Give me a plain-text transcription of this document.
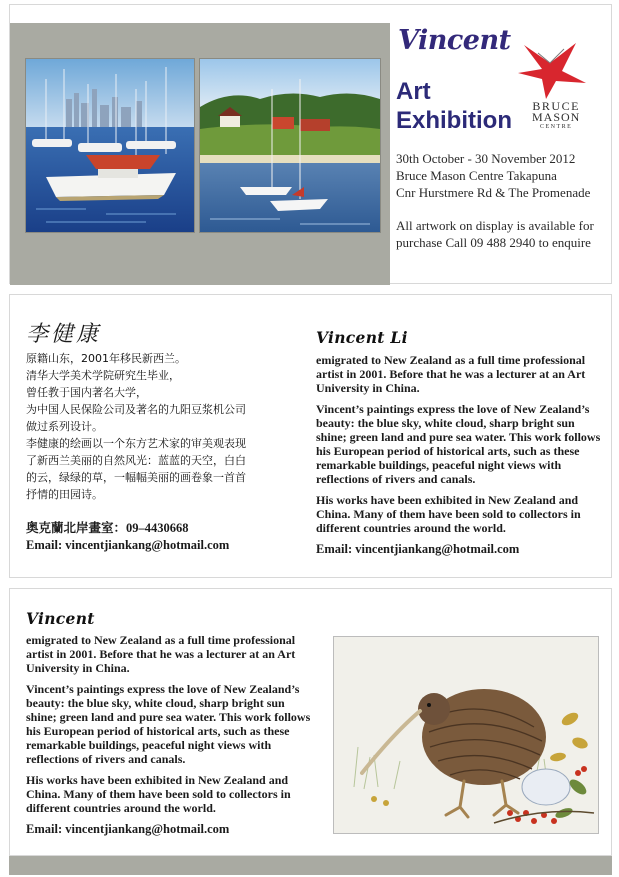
Vincent
Art
Exhibition
BRUCE
MASON
CENTRE

30th October - 30 November 2012

Bruce Mason Centre Takapuna

Cnr Hurstmere Rd & The Promenade

All artwork on display is available for purchase Call 09 488 2940 to enquire

李健康

原籍山东，2001年移民新西兰。

清华大学美术学院研究生毕业，

曾任教于国内著名大学，

为中国人民保险公司及著名的九阳豆浆机公司

做过系列设计。

李健康的绘画以一个东方艺术家的审美观表现

了新西兰美丽的自然风光：蓝蓝的天空，白白

的云，绿绿的草，一幅幅美丽的画卷象一首首

抒情的田园诗。

奥克蘭北岸畫室：09–4430668

Email: vincentjiankang@hotmail.com

Vincent Li

emigrated to New Zealand as a full time professional artist in 2001. Before that he was a lecturer at an Art University in China.

Vincent’s paintings express the love of New Zealand’s beauty: the blue sky, white cloud, sharp bright sun shine; green land and pure sea water. This work follows his European period of historical arts, such as these remarkable buildings, peaceful night views with reflections of rivers and canals.

His works have been exhibited in New Zealand and China. Many of them have been sold to collectors in different countries around the world.

Email: vincentjiankang@hotmail.com

Vincent

emigrated to New Zealand as a full time professional artist in 2001. Before that he was a lecturer at an Art University in China.

Vincent’s paintings express the love of New Zealand’s beauty: the blue sky, white cloud, sharp bright sun shine; green land and pure sea water. This work follows his European period of historical arts, such as these remarkable buildings, peaceful night views with reflections of rivers and canals.

His works have been exhibited in New Zealand and China. Many of them have been sold to collectors in different countries around the world.

Email: vincentjiankang@hotmail.com
